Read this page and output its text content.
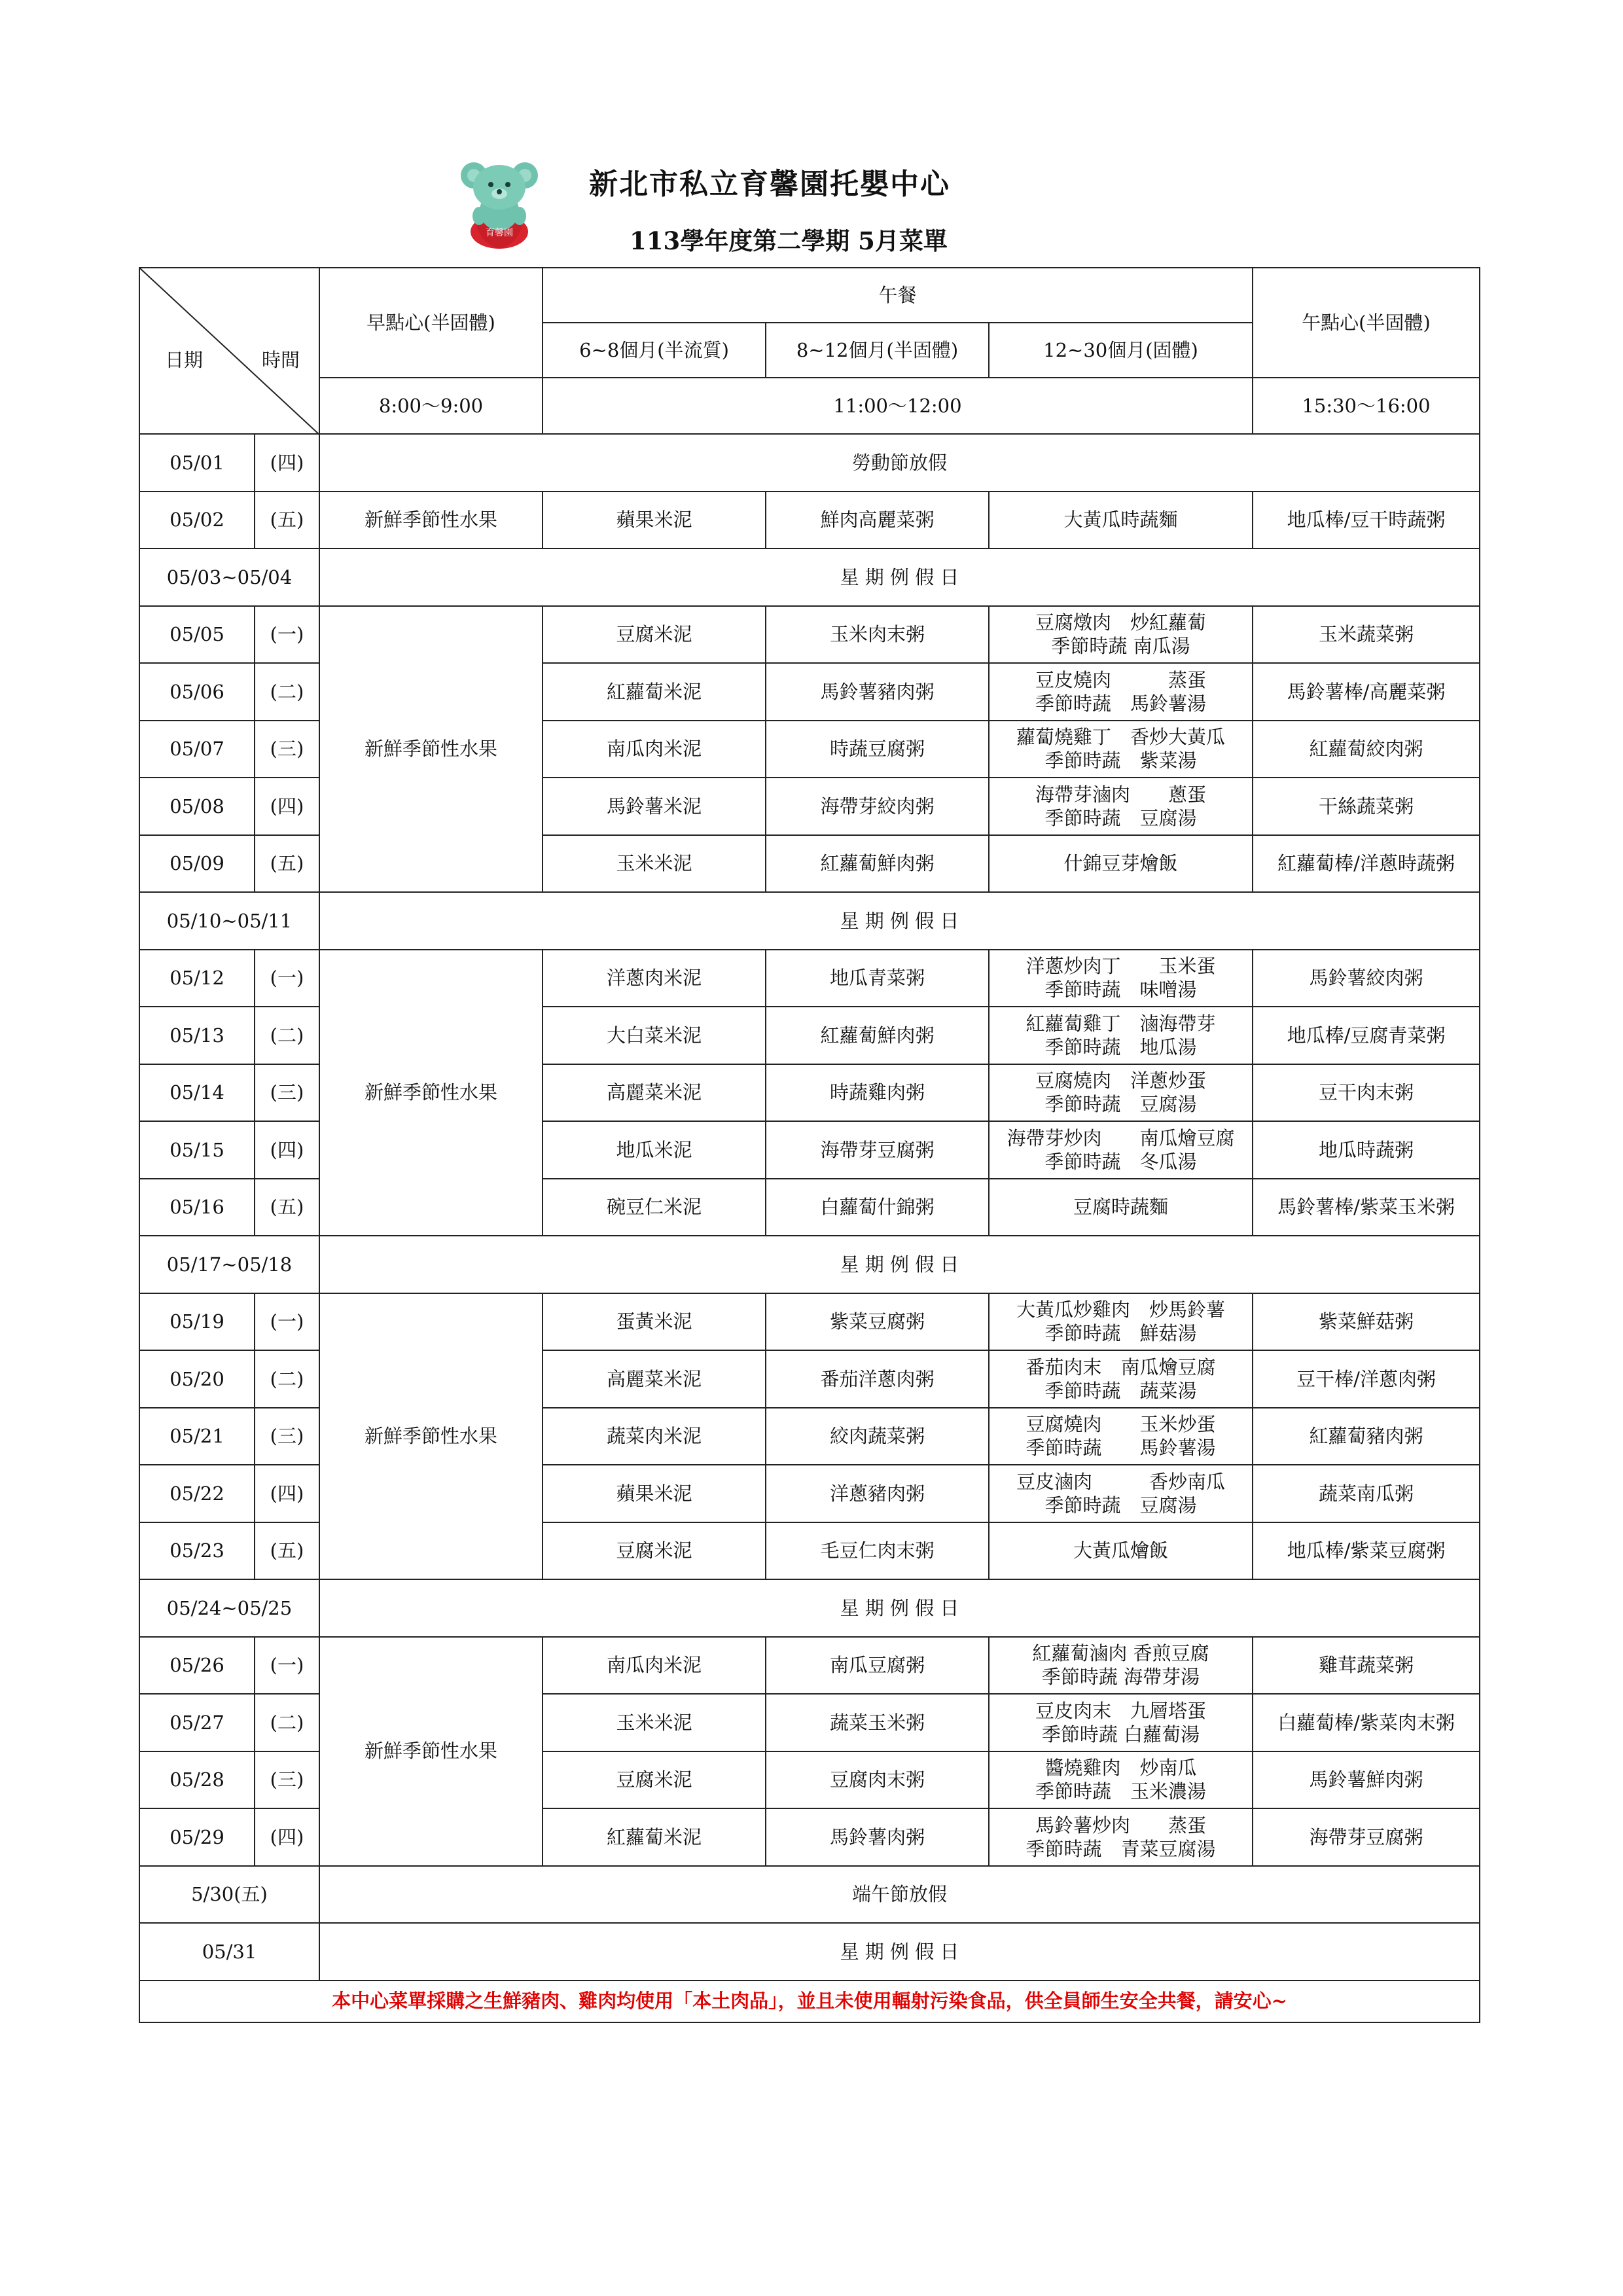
育馨園
新北市私立育馨園托嬰中心
113學年度第二學期 5月菜單
日期 時間		早點心(半固體)	午餐			午點心(半固體)
			6~8個月(半流質)	8~12個月(半固體)	12~30個月(固體)	
		8:00～9:00	11:00～12:00			15:30～16:00
05/01	(四)	勞動節放假				
05/02	(五)	新鮮季節性水果	蘋果米泥	鮮肉高麗菜粥	大黃瓜時蔬麵	地瓜棒/豆干時蔬粥
05/03~05/04		星 期 例 假 日				
05/05	(一)	新鮮季節性水果	豆腐米泥	玉米肉末粥	豆腐燉肉　炒紅蘿蔔
季節時蔬 南瓜湯	玉米蔬菜粥
05/06	(二)		紅蘿蔔米泥	馬鈴薯豬肉粥	豆皮燒肉　　　蒸蛋
季節時蔬　馬鈴薯湯	馬鈴薯棒/高麗菜粥
05/07	(三)		南瓜肉米泥	時蔬豆腐粥	蘿蔔燒雞丁　香炒大黃瓜
季節時蔬　紫菜湯	紅蘿蔔絞肉粥
05/08	(四)		馬鈴薯米泥	海帶芽絞肉粥	海帶芽滷肉　　蔥蛋
季節時蔬　豆腐湯	干絲蔬菜粥
05/09	(五)		玉米米泥	紅蘿蔔鮮肉粥	什錦豆芽燴飯	紅蘿蔔棒/洋蔥時蔬粥
05/10~05/11		星 期 例 假 日				
05/12	(一)	新鮮季節性水果	洋蔥肉米泥	地瓜青菜粥	洋蔥炒肉丁　　玉米蛋
季節時蔬　味噌湯	馬鈴薯絞肉粥
05/13	(二)		大白菜米泥	紅蘿蔔鮮肉粥	紅蘿蔔雞丁　滷海帶芽
季節時蔬　地瓜湯	地瓜棒/豆腐青菜粥
05/14	(三)		高麗菜米泥	時蔬雞肉粥	豆腐燒肉　洋蔥炒蛋
季節時蔬　豆腐湯	豆干肉末粥
05/15	(四)		地瓜米泥	海帶芽豆腐粥	海帶芽炒肉　　南瓜燴豆腐
季節時蔬　冬瓜湯	地瓜時蔬粥
05/16	(五)		碗豆仁米泥	白蘿蔔什錦粥	豆腐時蔬麵	馬鈴薯棒/紫菜玉米粥
05/17~05/18		星 期 例 假 日				
05/19	(一)	新鮮季節性水果	蛋黃米泥	紫菜豆腐粥	大黃瓜炒雞肉　炒馬鈴薯
季節時蔬　鮮菇湯	紫菜鮮菇粥
05/20	(二)		高麗菜米泥	番茄洋蔥肉粥	番茄肉末　南瓜燴豆腐
季節時蔬　蔬菜湯	豆干棒/洋蔥肉粥
05/21	(三)		蔬菜肉米泥	絞肉蔬菜粥	豆腐燒肉　　玉米炒蛋
季節時蔬　　馬鈴薯湯	紅蘿蔔豬肉粥
05/22	(四)		蘋果米泥	洋蔥豬肉粥	豆皮滷肉　　　香炒南瓜
季節時蔬　豆腐湯	蔬菜南瓜粥
05/23	(五)		豆腐米泥	毛豆仁肉末粥	大黃瓜燴飯	地瓜棒/紫菜豆腐粥
05/24~05/25		星 期 例 假 日				
05/26	(一)	新鮮季節性水果	南瓜肉米泥	南瓜豆腐粥	紅蘿蔔滷肉 香煎豆腐
季節時蔬 海帶芽湯	雞茸蔬菜粥
05/27	(二)		玉米米泥	蔬菜玉米粥	豆皮肉末　九層塔蛋
季節時蔬 白蘿蔔湯	白蘿蔔棒/紫菜肉末粥
05/28	(三)		豆腐米泥	豆腐肉末粥	醬燒雞肉　炒南瓜
季節時蔬　玉米濃湯	馬鈴薯鮮肉粥
05/29	(四)		紅蘿蔔米泥	馬鈴薯肉粥	馬鈴薯炒肉　　蒸蛋
季節時蔬　青菜豆腐湯	海帶芽豆腐粥
5/30(五)		端午節放假				
05/31		星 期 例 假 日				
本中心菜單採購之生鮮豬肉、雞肉均使用「本土肉品」，並且未使用輻射污染食品，供全員師生安全共餐，請安心~						
